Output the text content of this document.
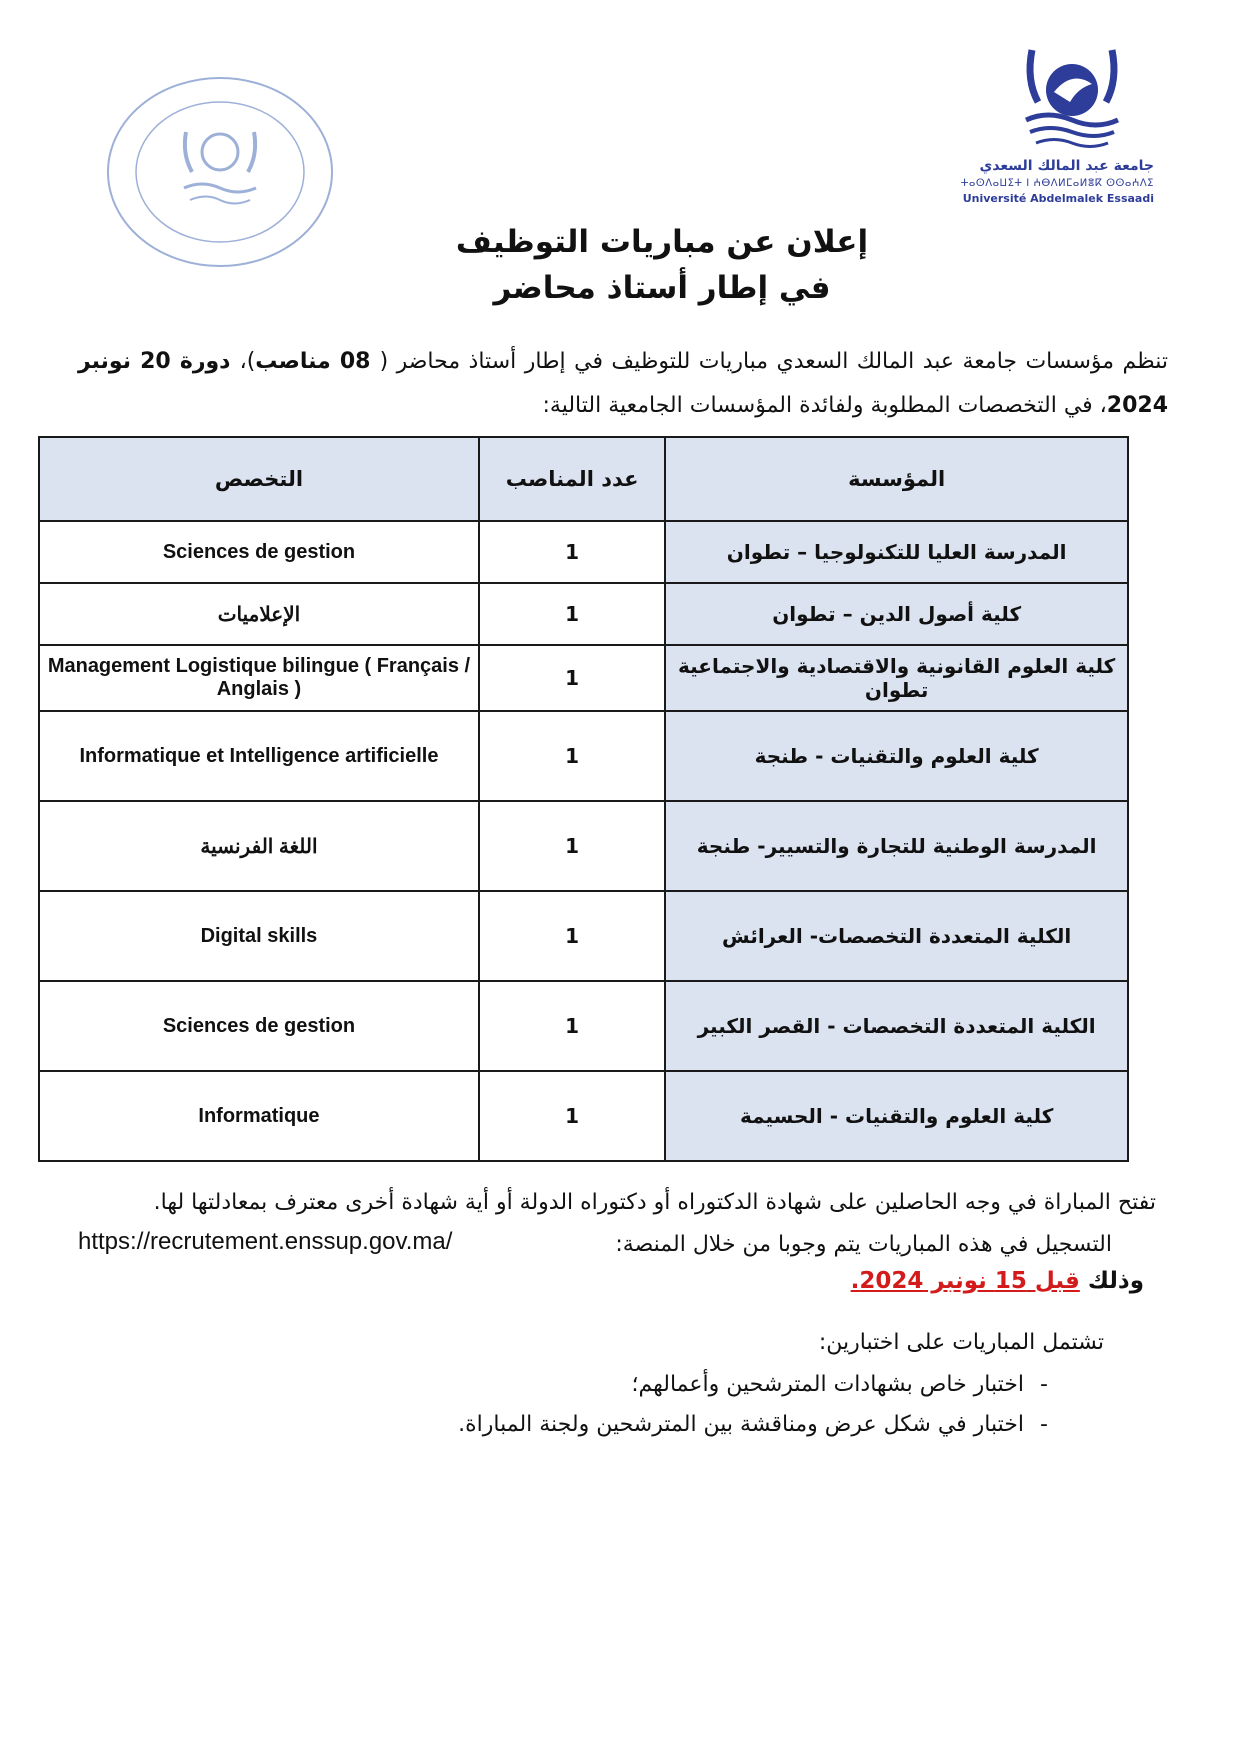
جامعة عبد المالك السعدي
ⵜⴰⵙⴷⴰⵡⵉⵜ ⵏ ⵄⴱⴷⵍⵎⴰⵍⴻⴽ ⵙⵙⴰⵄⴷⵉ
Université Abdelmalek Essaadi
إعلان عن مباريات التوظيف
في إطار أستاذ محاضر
تنظم مؤسسات جامعة عبد المالك السعدي مباريات للتوظيف في إطار أستاذ محاضر ( 08 مناصب)، دورة 20 نونبر 2024، في التخصصات المطلوبة ولفائدة المؤسسات الجامعية التالية:
المؤسسة	عدد المناصب	التخصص
المدرسة العليا للتكنولوجيا – تطوان	1	Sciences de gestion
كلية أصول الدين – تطوان	1	الإعلاميات
كلية العلوم القانونية والاقتصادية والاجتماعية تطوان	1	Management Logistique bilingue ( Français / Anglais )
كلية العلوم والتقنيات - طنجة	1	Informatique et Intelligence artificielle
المدرسة الوطنية للتجارة والتسيير- طنجة	1	اللغة الفرنسية
الكلية المتعددة التخصصات- العرائش	1	Digital skills
الكلية المتعددة التخصصات - القصر الكبير	1	Sciences de gestion
كلية العلوم والتقنيات - الحسيمة	1	Informatique
تفتح المباراة في وجه الحاصلين على شهادة الدكتوراه أو دكتوراه الدولة أو أية شهادة أخرى معترف بمعادلتها لها.
التسجيل في هذه المباريات يتم وجوبا من خلال المنصة:
https://recrutement.enssup.gov.ma/
وذلك قبل 15 نونبر 2024.
تشتمل المباريات على اختبارين:
-اختبار خاص بشهادات المترشحين وأعمالهم؛
-اختبار في شكل عرض ومناقشة بين المترشحين ولجنة المباراة.
